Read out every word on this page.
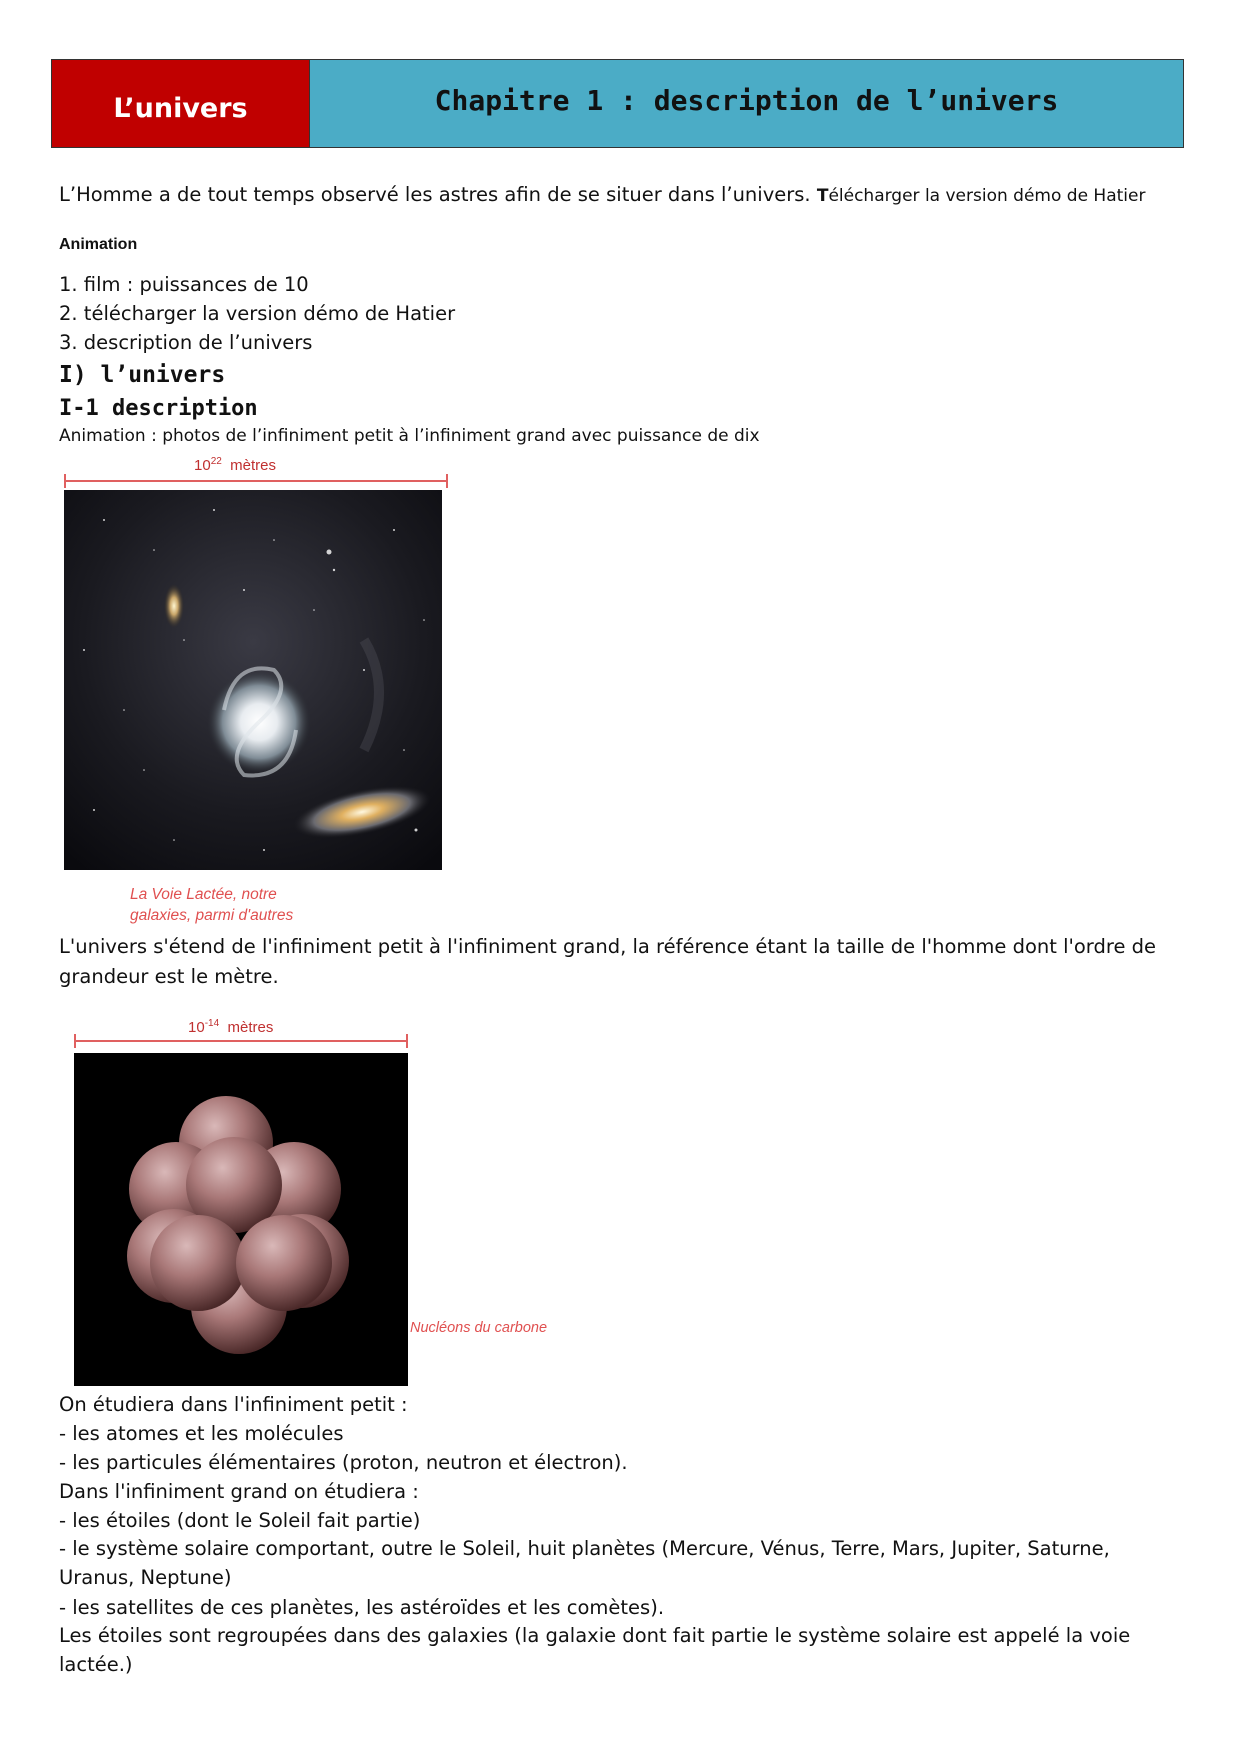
L’univers	Chapitre 1 : description de l’univers
L’Homme a de tout temps observé les astres afin de se situer dans l’univers. Télécharger la version démo de Hatier
Animation
1. film : puissances de 10
2. télécharger la version démo de Hatier
3. description de l’univers
I) l’univers
I-1 description
Animation : photos de l’infiniment petit à l’infiniment grand avec puissance de dix
$10^{22}$ mètres
La Voie Lactée, notre
galaxies, parmi d'autres
L'univers s'étend de l'infiniment petit à l'infiniment grand, la référence étant la taille de l'homme dont l'ordre de grandeur est le mètre.
$10^{-14}$ mètres
Nucléons du carbone
On étudiera dans l'infiniment petit :
- les atomes et les molécules
- les particules élémentaires (proton, neutron et électron).
Dans l'infiniment grand on étudiera :
- les étoiles (dont le Soleil fait partie)
- le système solaire comportant, outre le Soleil, huit planètes (Mercure, Vénus, Terre, Mars, Jupiter, Saturne, Uranus, Neptune)
- les satellites de ces planètes, les astéroïdes et les comètes).
Les étoiles sont regroupées dans des galaxies (la galaxie dont fait partie le système solaire est appelé la voie lactée.)
